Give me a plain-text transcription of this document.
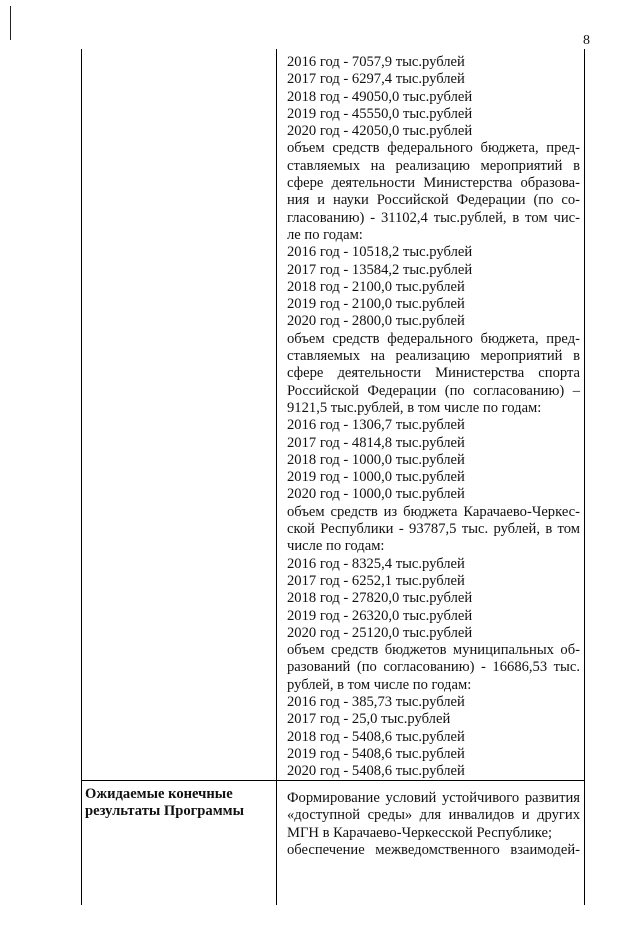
8
2016 год - 7057,9 тыс.рублей
2017 год - 6297,4 тыс.рублей
2018 год - 49050,0 тыс.рублей
2019 год - 45550,0 тыс.рублей
2020 год - 42050,0 тыс.рублей
объем средств федерального бюджета, пред-
ставляемых на реализацию мероприятий в
сфере деятельности Министерства образова-
ния и науки Российской Федерации (по со-
гласованию) - 31102,4 тыс.рублей, в том чис-
ле по годам:
2016 год - 10518,2 тыс.рублей
2017 год - 13584,2 тыс.рублей
2018 год - 2100,0 тыс.рублей
2019 год - 2100,0 тыс.рублей
2020 год - 2800,0 тыс.рублей
объем средств федерального бюджета, пред-
ставляемых на реализацию мероприятий в
сфере деятельности Министерства спорта
Российской Федерации (по согласованию) –
9121,5 тыс.рублей, в том числе по годам:
2016 год - 1306,7 тыс.рублей
2017 год - 4814,8 тыс.рублей
2018 год - 1000,0 тыс.рублей
2019 год - 1000,0 тыс.рублей
2020 год - 1000,0 тыс.рублей
объем средств из бюджета Карачаево-Черкес-
ской Республики - 93787,5 тыс. рублей, в том
числе по годам:
2016 год - 8325,4 тыс.рублей
2017 год - 6252,1 тыс.рублей
2018 год - 27820,0 тыс.рублей
2019 год - 26320,0 тыс.рублей
2020 год - 25120,0 тыс.рублей
объем средств бюджетов муниципальных об-
разований (по согласованию) - 16686,53 тыс.
рублей, в том числе по годам:
2016 год - 385,73 тыс.рублей
2017 год - 25,0 тыс.рублей
2018 год - 5408,6 тыс.рублей
2019 год - 5408,6 тыс.рублей
2020 год - 5408,6 тыс.рублей
Ожидаемые конечные
результаты Программы
Формирование условий устойчивого развития
«доступной среды» для инвалидов и других
МГН в Карачаево-Черкесской Республике;
обеспечение межведомственного взаимодей-
